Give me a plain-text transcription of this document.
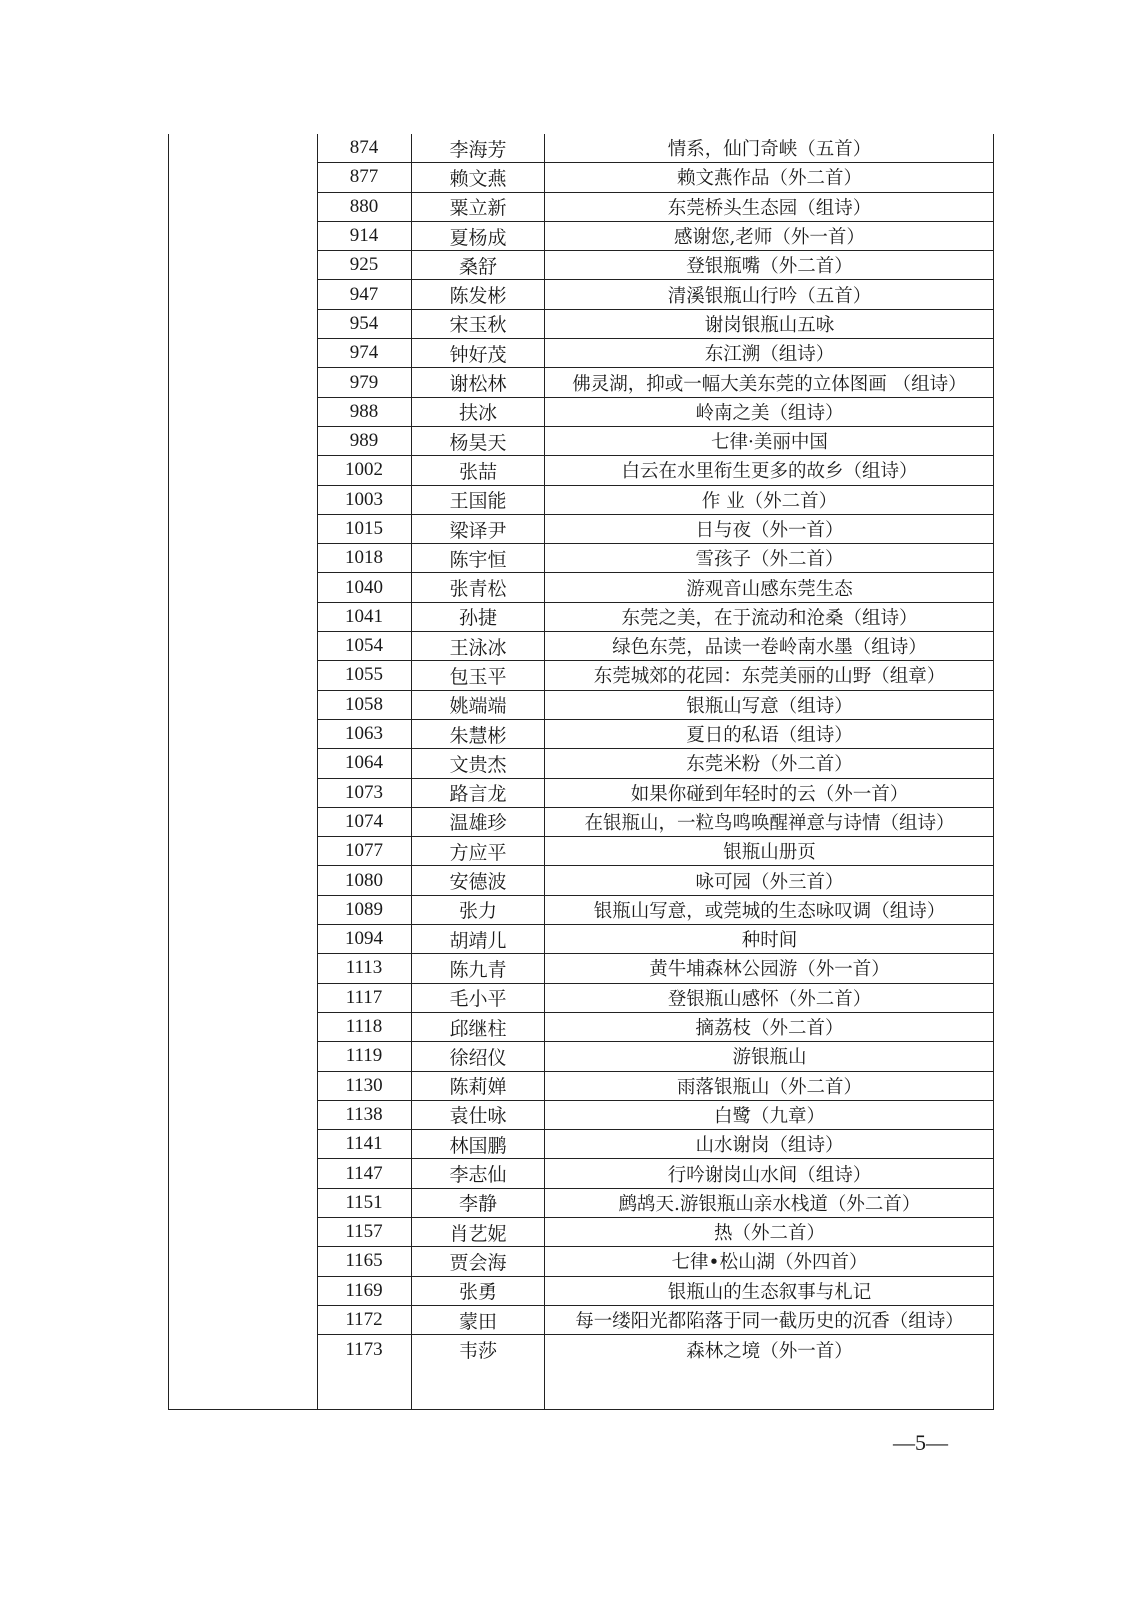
874	李海芳	情系，仙门奇峡（五首）
877	赖文燕	赖文燕作品（外二首）
880	粟立新	东莞桥头生态园（组诗）
914	夏杨成	感谢您,老师（外一首）
925	桑舒	登银瓶嘴（外二首）
947	陈发彬	清溪银瓶山行吟（五首）
954	宋玉秋	谢岗银瓶山五咏
974	钟好茂	东江溯（组诗）
979	谢松林	佛灵湖，抑或一幅大美东莞的立体图画 （组诗）
988	扶冰	岭南之美（组诗）
989	杨昊天	七律·美丽中国
1002	张喆	白云在水里衔生更多的故乡（组诗）
1003	王国能	作 业（外二首）
1015	梁译尹	日与夜（外一首）
1018	陈宇恒	雪孩子（外二首）
1040	张青松	游观音山感东莞生态
1041	孙捷	东莞之美，在于流动和沧桑（组诗）
1054	王泳冰	绿色东莞，品读一卷岭南水墨（组诗）
1055	包玉平	东莞城郊的花园：东莞美丽的山野（组章）
1058	姚端端	银瓶山写意（组诗）
1063	朱慧彬	夏日的私语（组诗）
1064	文贵杰	东莞米粉（外二首）
1073	路言龙	如果你碰到年轻时的云（外一首）
1074	温雄珍	在银瓶山，一粒鸟鸣唤醒禅意与诗情（组诗）
1077	方应平	银瓶山册页
1080	安德波	咏可园（外三首）
1089	张力	银瓶山写意，或莞城的生态咏叹调（组诗）
1094	胡靖儿	种时间
1113	陈九青	黄牛埔森林公园游（外一首）
1117	毛小平	登银瓶山感怀（外二首）
1118	邱继柱	摘荔枝（外二首）
1119	徐绍仪	游银瓶山
1130	陈莉婵	雨落银瓶山（外二首）
1138	袁仕咏	白鹭（九章）
1141	林国鹏	山水谢岗（组诗）
1147	李志仙	行吟谢岗山水间（组诗）
1151	李静	鹧鸪天.游银瓶山亲水栈道（外二首）
1157	肖艺妮	热（外二首）
1165	贾会海	七律•松山湖（外四首）
1169	张勇	银瓶山的生态叙事与札记
1172	蒙田	每一缕阳光都陷落于同一截历史的沉香（组诗）
1173	韦莎	森林之境（外一首）
—5—
